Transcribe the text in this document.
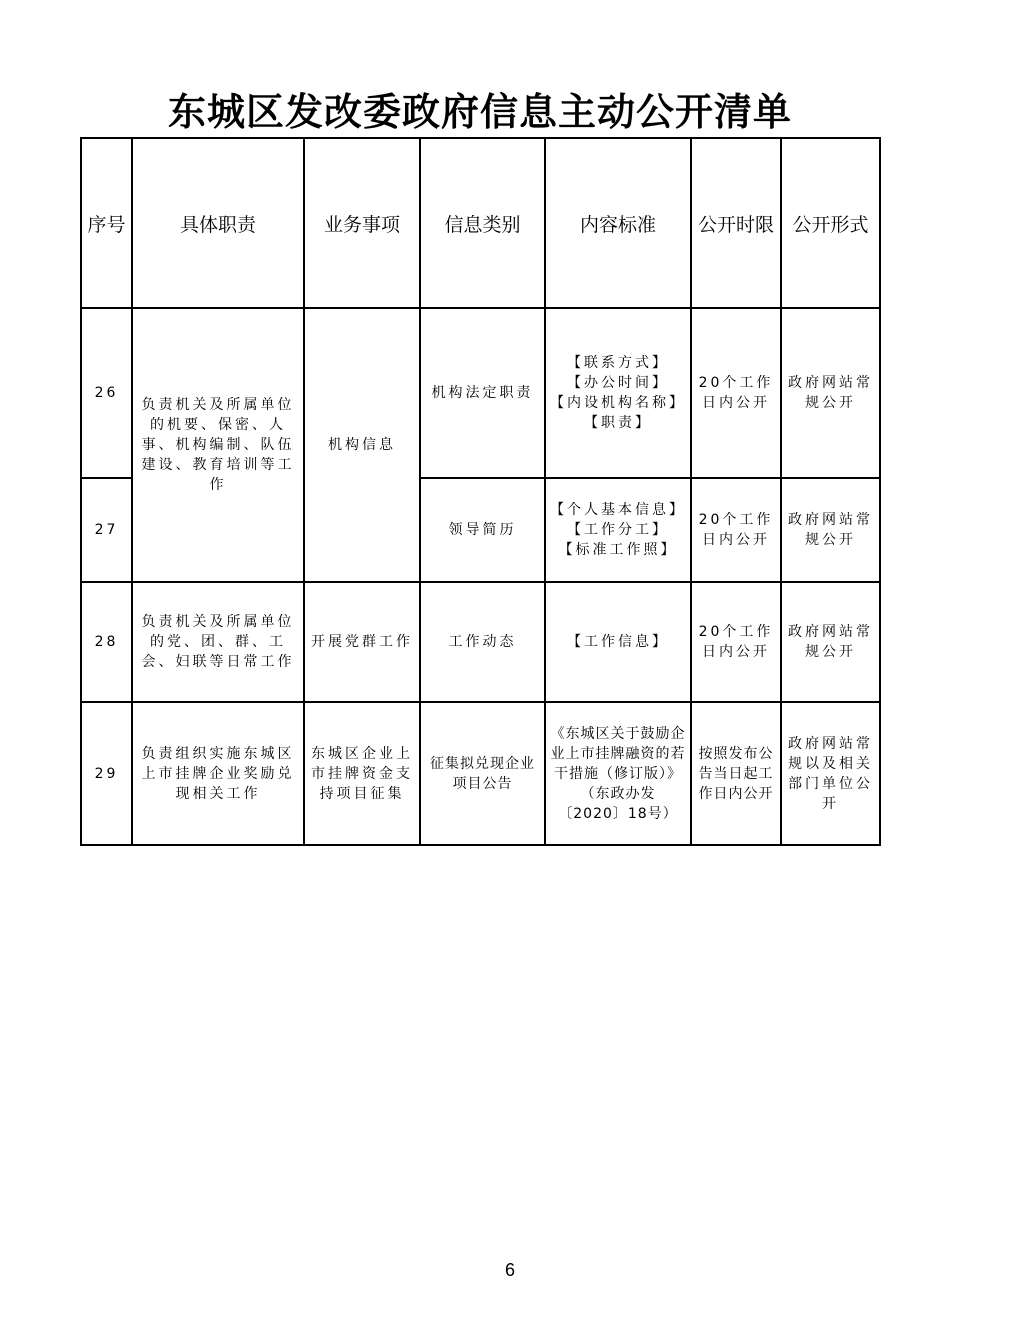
东城区发改委政府信息主动公开清单
序号	具体职责	业务事项	信息类别	内容标准	公开时限	公开形式
26	负责机关及所属单位的机要、保密、人事、机构编制、队伍建设、教育培训等工作	机构信息	机构法定职责	【联系方式】
【办公时间】
【内设机构名称】
【职责】	20个工作日内公开	政府网站常规公开
27			领导简历	【个人基本信息】
【工作分工】
【标准工作照】	20个工作日内公开	政府网站常规公开
28	负责机关及所属单位的党、团、群、工会、妇联等日常工作	开展党群工作	工作动态	【工作信息】	20个工作日内公开	政府网站常规公开
29	负责组织实施东城区上市挂牌企业奖励兑现相关工作	东城区企业上市挂牌资金支持项目征集	征集拟兑现企业项目公告	《东城区关于鼓励企业上市挂牌融资的若干措施（修订版）》（东政办发〔2020〕18号）	按照发布公告当日起工作日内公开	政府网站常规以及相关部门单位公开
6
